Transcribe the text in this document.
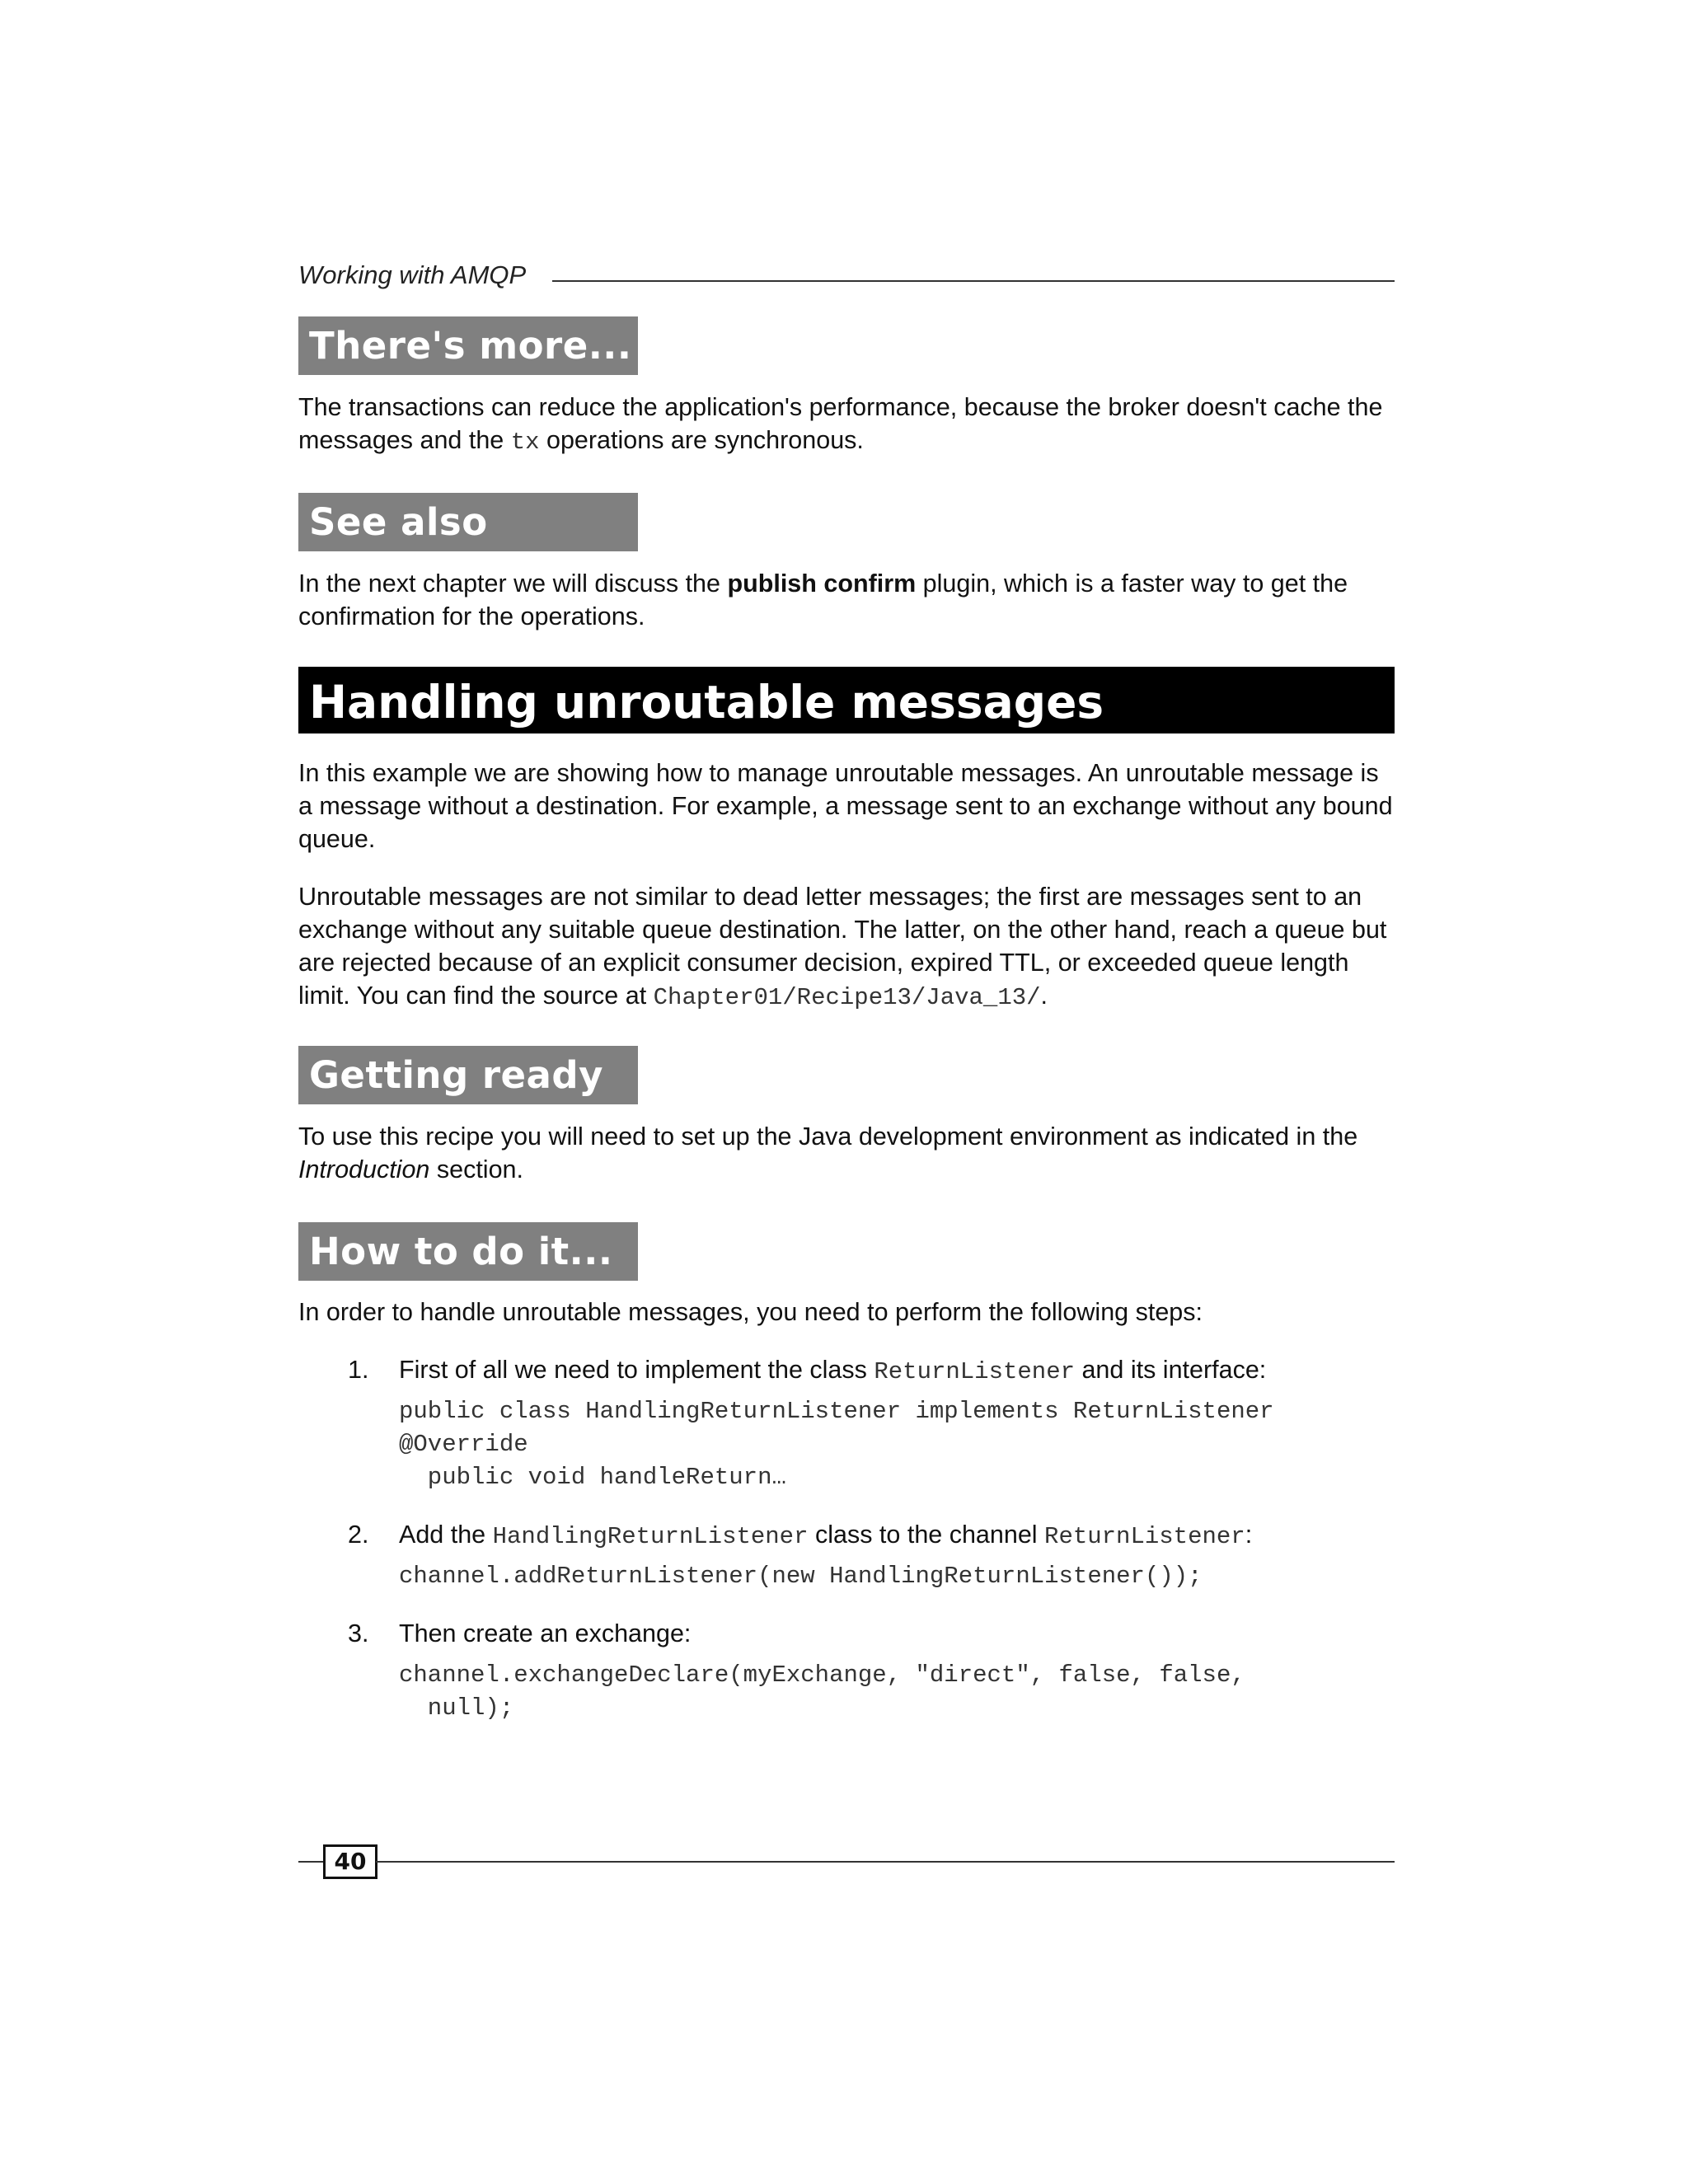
Working with AMQP
There's more...

The transactions can reduce the application's performance, because the broker doesn't cache the messages and the tx operations are synchronous.

See also

In the next chapter we will discuss the publish confirm plugin, which is a faster way to get the confirmation for the operations.

Handling unroutable messages

In this example we are showing how to manage unroutable messages. An unroutable message is a message without a destination. For example, a message sent to an exchange without any bound queue.

Unroutable messages are not similar to dead letter messages; the first are messages sent to an exchange without any suitable queue destination. The latter, on the other hand, reach a queue but are rejected because of an explicit consumer decision, expired TTL, or exceeded queue length limit. You can find the source at Chapter01/Recipe13/Java_13/.

Getting ready

To use this recipe you will need to set up the Java development environment as indicated in the Introduction section.

How to do it...

In order to handle unroutable messages, you need to perform the following steps:

1. First of all we need to implement the class ReturnListener and its interface:

public class HandlingReturnListener implements ReturnListener
@Override
public void handleReturn…
2. Add the HandlingReturnListener class to the channel ReturnListener:

channel.addReturnListener(new HandlingReturnListener());
3. Then create an exchange:

channel.exchangeDeclare(myExchange, "direct", false, false,
null);
40
